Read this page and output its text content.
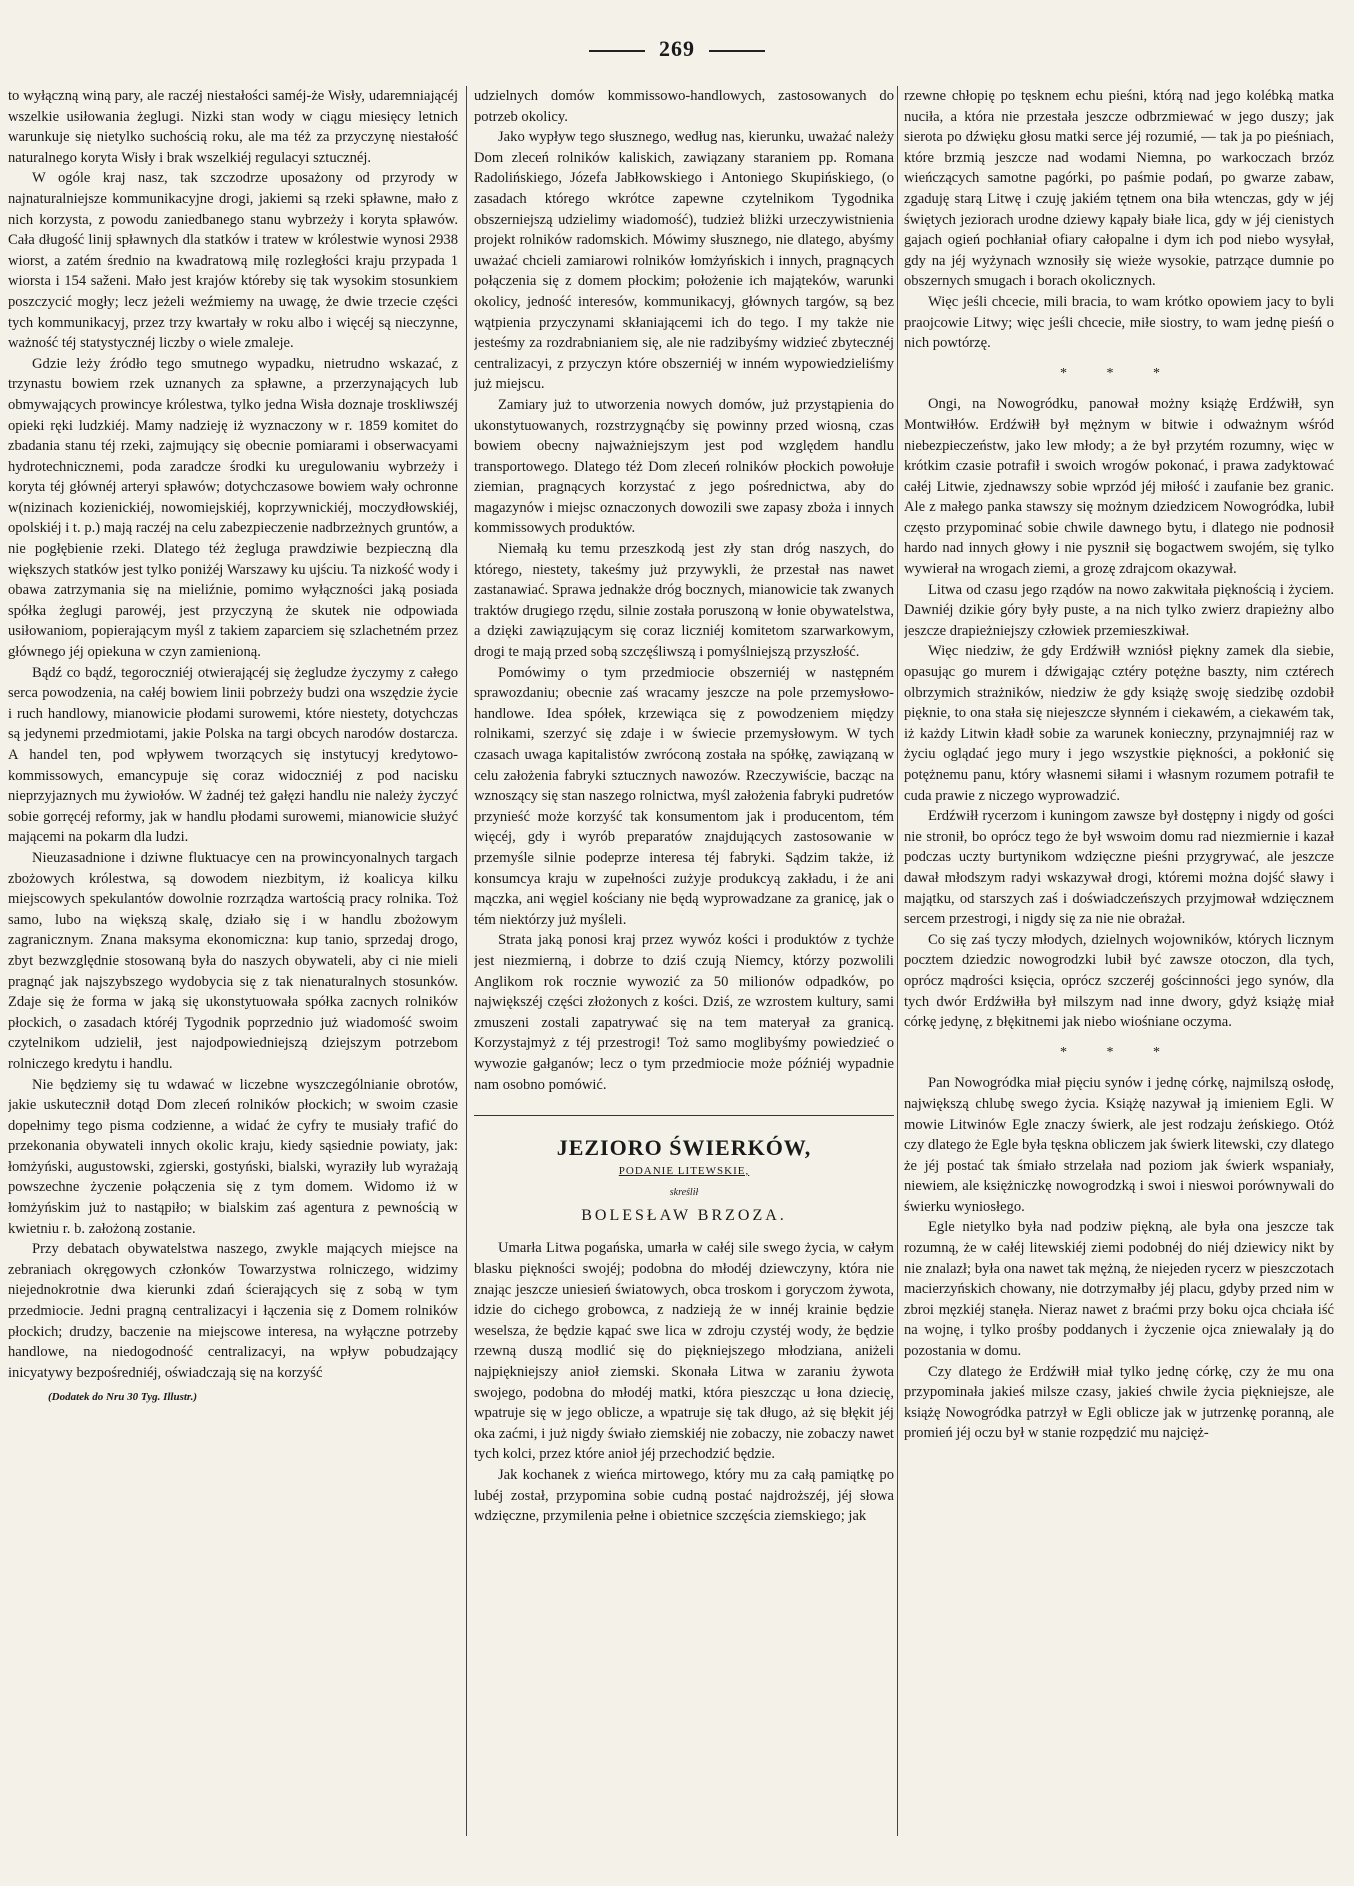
269

to wyłączną winą pary, ale raczéj niestałości saméj-że Wisły, udaremniającéj wszelkie usiłowania żeglugi. Nizki stan wody w ciągu miesięcy letnich warunkuje się nietylko suchością roku, ale ma téż za przyczynę niestałość naturalnego koryta Wisły i brak wszelkiéj regulacyi sztucznéj.

W ogóle kraj nasz, tak szczodrze uposażony od przyrody w najnaturalniejsze kommunikacyjne drogi, jakiemi są rzeki spławne, mało z nich korzysta, z powodu zaniedbanego stanu wybrzeży i koryta spławów. Cała długość linij spławnych dla statków i tratew w królestwie wynosi 2938 wiorst, a zatém średnio na kwadratową milę rozległości kraju przypada 1 wiorsta i 154 saženi. Mało jest krajów któreby się tak wysokim stosunkiem poszczycić mogły; lecz jeżeli weźmiemy na uwagę, że dwie trzecie części tych kommunikacyj, przez trzy kwartały w roku albo i więcéj są nieczynne, ważność téj statystycznéj liczby o wiele zmaleje.

Gdzie leży źródło tego smutnego wypadku, nietrudno wskazać, z trzynastu bowiem rzek uznanych za spławne, a przerzynających lub obmywających prowincye królestwa, tylko jedna Wisła doznaje troskliwszéj opieki ręki ludzkiéj. Mamy nadzieję iż wyznaczony w r. 1859 komitet do zbadania stanu téj rzeki, zajmujący się obecnie pomiarami i obserwacyami hydrotechnicznemi, poda zaradcze środki ku uregulowaniu wybrzeży i koryta téj głównéj arteryi spławów; dotychczasowe bowiem wały ochronne w(nizinach kozienickiéj, nowomiejskiéj, koprzywnickiéj, moczydłowskiéj, opolskiéj i t. p.) mają raczéj na celu zabezpieczenie nadbrzeżnych gruntów, a nie pogłębienie rzeki. Dlatego téż żegluga prawdziwie bezpieczną dla większych statków jest tylko poniżéj Warszawy ku ujściu. Ta nizkość wody i obawa zatrzymania się na mieliźnie, pomimo wyłączności jaką posiada spółka żeglugi parowéj, jest przyczyną że skutek nie odpowiada usiłowaniom, popierającym myśl z takiem zaparciem się szlachetném przez głównego jéj opiekuna w czyn zamienioną.

Bądź co bądź, tegoroczniéj otwierającéj się żegludze życzymy z całego serca powodzenia, na całéj bowiem linii pobrzeży budzi ona wszędzie życie i ruch handlowy, mianowicie płodami surowemi, które niestety, dotychczas są jedynemi przedmiotami, jakie Polska na targi obcych narodów dostarcza. A handel ten, pod wpływem tworzących się instytucyj kredytowo-kommissowych, emancypuje się coraz widoczniéj z pod nacisku nieprzyjaznych mu żywiołów. W żadnéj też gałęzi handlu nie należy życzyć sobie gorręcéj reformy, jak w handlu płodami surowemi, mianowicie służyć mającemi na pokarm dla ludzi.

Nieuzasadnione i dziwne fluktuacye cen na prowincyonalnych targach zbożowych królestwa, są dowodem niezbitym, iż koalicya kilku miejscowych spekulantów dowolnie rozrządza wartością pracy rolnika. Toż samo, lubo na większą skalę, działo się i w handlu zbożowym zagranicznym. Znana maksyma ekonomiczna: kup tanio, sprzedaj drogo, zbyt bezwzględnie stosowaną była do naszych obywateli, aby ci nie mieli pragnąć jak najszybszego wydobycia się z tak nienaturalnych stosunków. Zdaje się że forma w jaką się ukonstytuowała spółka zacnych rolników płockich, o zasadach któréj Tygodnik poprzednio już wiadomość swoim czytelnikom udzielił, jest najodpowiedniejszą dziejszym potrzebom rolniczego kredytu i handlu.

Nie będziemy się tu wdawać w liczebne wyszczególnianie obrotów, jakie uskutecznił dotąd Dom zleceń rolników płockich; w swoim czasie dopełnimy tego pisma codzienne, a widać że cyfry te musiały trafić do przekonania obywateli innych okolic kraju, kiedy sąsiednie powiaty, jak: łomżyński, augustowski, zgierski, gostyński, bialski, wyraziły lub wyrażają powszechne życzenie połączenia się z tym domem. Widomo iż w łomżyńskim już to nastąpiło; w bialskim zaś agentura z pewnością w kwietniu r. b. założoną zostanie.

Przy debatach obywatelstwa naszego, zwykle mających miejsce na zebraniach okręgowych członków Towarzystwa rolniczego, widzimy niejednokrotnie dwa kierunki zdań ścierających się z sobą w tym przedmiocie. Jedni pragną centralizacyi i łączenia się z Domem rolników płockich; drudzy, baczenie na miejscowe interesa, na wyłączne potrzeby handlowe, na niedogodność centralizacyi, na wpływ pobudzający inicyatywy bezpośredniéj, oświadczają się na korzyść

(Dodatek do Nru 30 Tyg. Illustr.)

udzielnych domów kommissowo-handlowych, zastosowanych do potrzeb okolicy.

Jako wypływ tego słusznego, według nas, kierunku, uważać należy Dom zleceń rolników kaliskich, zawiązany staraniem pp. Romana Radolińskiego, Józefa Jabłkowskiego i Antoniego Skupińskiego, (o zasadach którego wkrótce zapewne czytelnikom Tygodnika obszerniejszą udzielimy wiadomość), tudzież bliżki urzeczywistnienia projekt rolników radomskich. Mówimy słusznego, nie dlatego, abyśmy uważać chcieli zamiarowi rolników łomżyńskich i innych, pragnących połączenia się z domem płockim; położenie ich mająteków, warunki okolicy, jedność interesów, kommunikacyj, głównych targów, są bez wątpienia przyczynami skłaniającemi ich do tego. I my także nie jesteśmy za rozdrabnianiem się, ale nie radzibyśmy widzieć zbytecznéj centralizacyi, z przyczyn które obszerniéj w inném wypowiedzieliśmy już miejscu.

Zamiary już to utworzenia nowych domów, już przystąpienia do ukonstytuowanych, rozstrzygnąćby się powinny przed wiosną, czas bowiem obecny najważniejszym jest pod względem handlu transportowego. Dlatego téż Dom zleceń rolników płockich powołuje ziemian, pragnących korzystać z jego pośrednictwa, aby do magazynów i miejsc oznaczonych dowozili swe zapasy zboża i innych kommissowych produktów.

Niemałą ku temu przeszkodą jest zły stan dróg naszych, do którego, niestety, takeśmy już przywykli, że przestał nas nawet zastanawiać. Sprawa jednakże dróg bocznych, mianowicie tak zwanych traktów drugiego rzędu, silnie została poruszoną w łonie obywatelstwa, a dzięki zawiązującym się coraz liczniéj komitetom szarwarkowym, drogi te mają przed sobą szczęśliwszą i pomyślniejszą przyszłość.

Pomówimy o tym przedmiocie obszerniéj w następném sprawozdaniu; obecnie zaś wracamy jeszcze na pole przemysłowo-handlowe. Idea spółek, krzewiąca się z powodzeniem między rolnikami, szerzyć się zdaje i w świecie przemysłowym. W tych czasach uwaga kapitalistów zwróconą została na spółkę, zawiązaną w celu założenia fabryki sztucznych nawozów. Rzeczywiście, bacząc na wznoszący się stan naszego rolnictwa, myśl założenia fabryki pudretów przynieść może korzyść tak konsumentom jak i producentom, tém więcéj, gdy i wyrób preparatów znajdujących zastosowanie w przemyśle silnie podeprze interesa téj fabryki. Sądzim także, iż konsumcya kraju w zupełności zużyje produkcyą zakładu, i że ani mączka, ani węgiel kościany nie będą wyprowadzane za granicę, jak o tém niektórzy już myśleli.

Strata jaką ponosi kraj przez wywóz kości i produktów z tychże jest niezmierną, i dobrze to dziś czują Niemcy, którzy pozwolili Anglikom rok rocznie wywozić za 50 milionów odpadków, po największéj części złożonych z kości. Dziś, ze wzrostem kultury, sami zmuszeni zostali zapatrywać się na tem materyał za granicą. Korzystajmyż z téj przestrogi! Toż samo moglibyśmy powiedzieć o wywozie gałganów; lecz o tym przedmiocie może późniéj wypadnie nam osobno pomówić.

JEZIORO ŚWIERKÓW,
PODANIE LITEWSKIE,
skreślił
BOLESŁAW BRZOZA.

Umarła Litwa pogańska, umarła w całéj sile swego życia, w całym blasku piękności swojéj; podobna do młodéj dziewczyny, która nie znając jeszcze uniesień światowych, obca troskom i goryczom żywota, idzie do cichego grobowca, z nadzieją że w innéj krainie będzie weselsza, że będzie kąpać swe lica w zdroju czystéj wody, że będzie rzewną duszą modlić się do piękniejszego młodziana, aniżeli najpiękniejszy anioł ziemski. Skonała Litwa w zaraniu żywota swojego, podobna do młodéj matki, która pieszcząc u łona dziecię, wpatruje się w jego oblicze, a wpatruje się tak długo, aż się błękit jéj oka zaćmi, i już nigdy świało ziemskiéj nie zobaczy, nie zobaczy nawet tych kolci, przez które anioł jéj przechodzić będzie.

Jak kochanek z wieńca mirtowego, który mu za całą pamiątkę po lubéj został, przypomina sobie cudną postać najdroższéj, jéj słowa wdzięczne, przymilenia pełne i obietnice szczęścia ziemskiego; jak

rzewne chłopię po tęsknem echu pieśni, którą nad jego kolébką matka nuciła, a która nie przestała jeszcze odbrzmiewać w jego duszy; jak sierota po dźwięku głosu matki serce jéj rozumié, — tak ja po pieśniach, które brzmią jeszcze nad wodami Niemna, po warkoczach brzóz wieńczących samotne pagórki, po paśmie podań, po gwarze zabaw, zgaduję starą Litwę i czuję jakiém tętnem ona biła wtenczas, gdy w jéj świętych jeziorach urodne dziewy kąpały białe lica, gdy w jéj cienistych gajach ogień pochłaniał ofiary całopalne i dym ich pod niebo wysyłał, gdy na jéj wyżynach wznosiły się wieże wysokie, patrzące dumnie po obszernych smugach i borach okolicznych.

Więc jeśli chcecie, mili bracia, to wam krótko opowiem jacy to byli praojcowie Litwy; więc jeśli chcecie, miłe siostry, to wam jednę pieśń o nich powtórzę.

* * *

Ongi, na Nowogródku, panował możny książę Erdźwiłł, syn Montwiłłów. Erdźwiłł był mężnym w bitwie i odważnym wśród niebezpieczeństw, jako lew młody; a że był przytém rozumny, więc w krótkim czasie potrafił i swoich wrogów pokonać, i prawa zadyktować całéj Litwie, zjednawszy sobie wprzód jéj miłość i zaufanie bez granic. Ale z małego panka stawszy się możnym dziedzicem Nowogródka, lubił często przypominać sobie chwile dawnego bytu, i dlatego nie podnosił hardo nad innych głowy i nie pysznił się bogactwem swojém, się tylko wywierał na wrogach ziemi, a grozę zdrajcom okazywał.

Litwa od czasu jego rządów na nowo zakwitała pięknością i życiem. Dawniéj dzikie góry były puste, a na nich tylko zwierz drapieżny albo jeszcze drapieżniejszy człowiek przemieszkiwał.

Więc niedziw, że gdy Erdźwiłł wzniósł piękny zamek dla siebie, opasując go murem i dźwigając cztéry potężne baszty, nim cztérech olbrzymich strażników, niedziw że gdy książę swoję siedzibę ozdobił pięknie, to ona stała się niejeszcze słynném i ciekawém, a ciekawém tak, iż każdy Litwin kładł sobie za warunek konieczny, przynajmniéj raz w życiu oglądać jego mury i jego wszystkie piękności, a pokłonić się potężnemu panu, który własnemi siłami i własnym rozumem potrafił te cuda prawie z niczego wyprowadzić.

Erdźwiłł rycerzom i kuningom zawsze był dostępny i nigdy od gości nie stronił, bo oprócz tego że był wswoim domu rad niezmiernie i kazał podczas uczty burtynikom wdzięczne pieśni przygrywać, ale jeszcze dawał młodszym radyi wskazywał drogi, któremi można dojść sławy i majątku, od starszych zaś i doświadczeńszych przyjmował wdzięcznem sercem przestrogi, i nigdy się za nie nie obrażał.

Co się zaś tyczy młodych, dzielnych wojowników, których licznym pocztem dziedzic nowogrodzki lubił być zawsze otoczon, dla tych, oprócz mądrości księcia, oprócz szczeréj gościnności jego synów, dla tych dwór Erdźwiłła był milszym nad inne dwory, gdyż książę miał córkę jedynę, z błękitnemi jak niebo wiośniane oczyma.

* * *

Pan Nowogródka miał pięciu synów i jednę córkę, najmilszą osłodę, największą chlubę swego życia. Książę nazywał ją imieniem Egli. W mowie Litwinów Egle znaczy świerk, ale jest rodzaju żeńskiego. Otóż czy dlatego że Egle była tęskna obliczem jak świerk litewski, czy dlatego że jéj postać tak śmiało strzelała nad poziom jak świerk wspaniały, niewiem, ale księżniczkę nowogrodzką i swoi i nieswoi porównywali do świerku wyniosłego.

Egle nietylko była nad podziw piękną, ale była ona jeszcze tak rozumną, że w całéj litewskiéj ziemi podobnéj do niéj dziewicy nikt by nie znalazł; była ona nawet tak mężną, że niejeden rycerz w pieszczotach macierzyńskich chowany, nie dotrzymałby jéj placu, gdyby przed nim w zbroi męzkiéj stanęła. Nieraz nawet z braćmi przy boku ojca chciała iść na wojnę, i tylko prośby poddanych i życzenie ojca zniewalały ją do pozostania w domu.

Czy dlatego że Erdźwiłł miał tylko jednę córkę, czy że mu ona przypominała jakieś milsze czasy, jakieś chwile życia piękniejsze, ale książę Nowogródka patrzył w Egli oblicze jak w jutrzenkę poranną, ale promień jéj oczu był w stanie rozpędzić mu najcięż-
